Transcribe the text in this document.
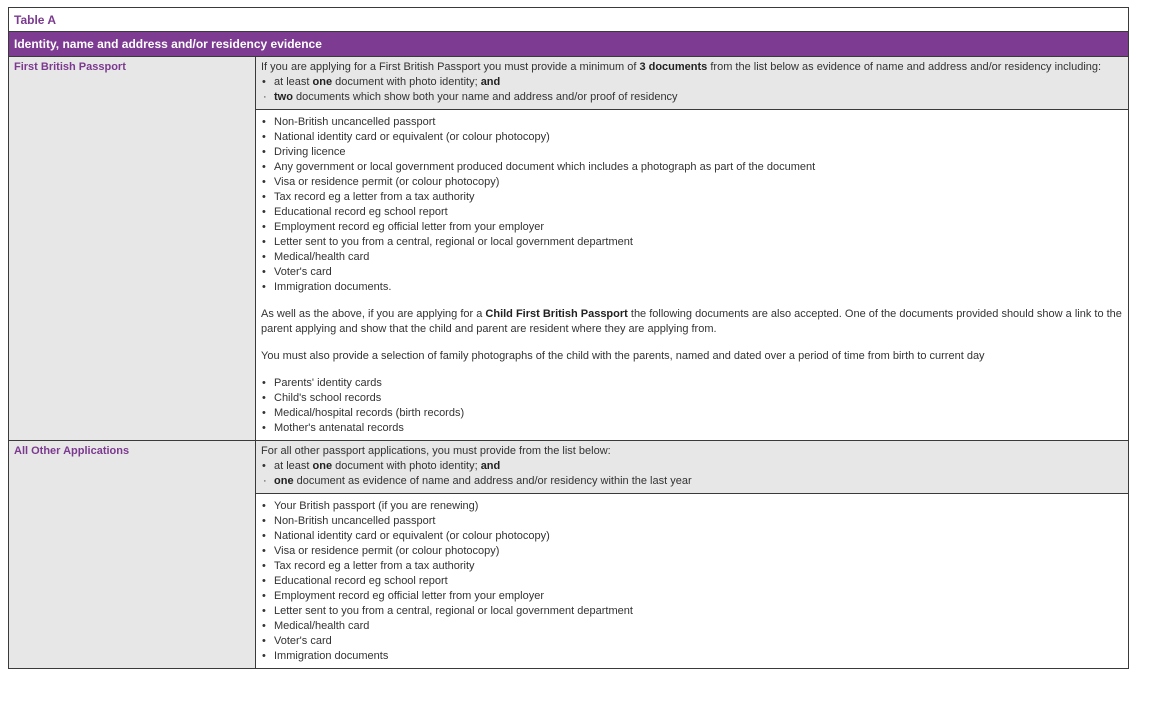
Table A
Identity, name and address and/or residency evidence
First British Passport	If you are applying for a First British Passport you must provide a minimum of 3 documents from the list below as evidence of name and address and/or residency including:
• at least one document with photo identity; and
· two documents which show both your name and address and/or proof of residency
• Non-British uncancelled passport
• National identity card or equivalent (or colour photocopy)
• Driving licence
• Any government or local government produced document which includes a photograph as part of the document
• Visa or residence permit (or colour photocopy)
• Tax record eg a letter from a tax authority
• Educational record eg school report
• Employment record eg official letter from your employer
• Letter sent to you from a central, regional or local government department
• Medical/health card
• Voter's card
• Immigration documents.
As well as the above, if you are applying for a Child First British Passport the following documents are also accepted. One of the documents provided should show a link to the parent applying and show that the child and parent are resident where they are applying from.
You must also provide a selection of family photographs of the child with the parents, named and dated over a period of time from birth to current day
• Parents' identity cards
• Child's school records
• Medical/hospital records (birth records)
• Mother's antenatal records
All Other Applications	For all other passport applications, you must provide from the list below:
• at least one document with photo identity; and
· one document as evidence of name and address and/or residency within the last year
• Your British passport (if you are renewing)
• Non-British uncancelled passport
• National identity card or equivalent (or colour photocopy)
• Visa or residence permit (or colour photocopy)
• Tax record eg a letter from a tax authority
• Educational record eg school report
• Employment record eg official letter from your employer
• Letter sent to you from a central, regional or local government department
• Medical/health card
• Voter's card
• Immigration documents
